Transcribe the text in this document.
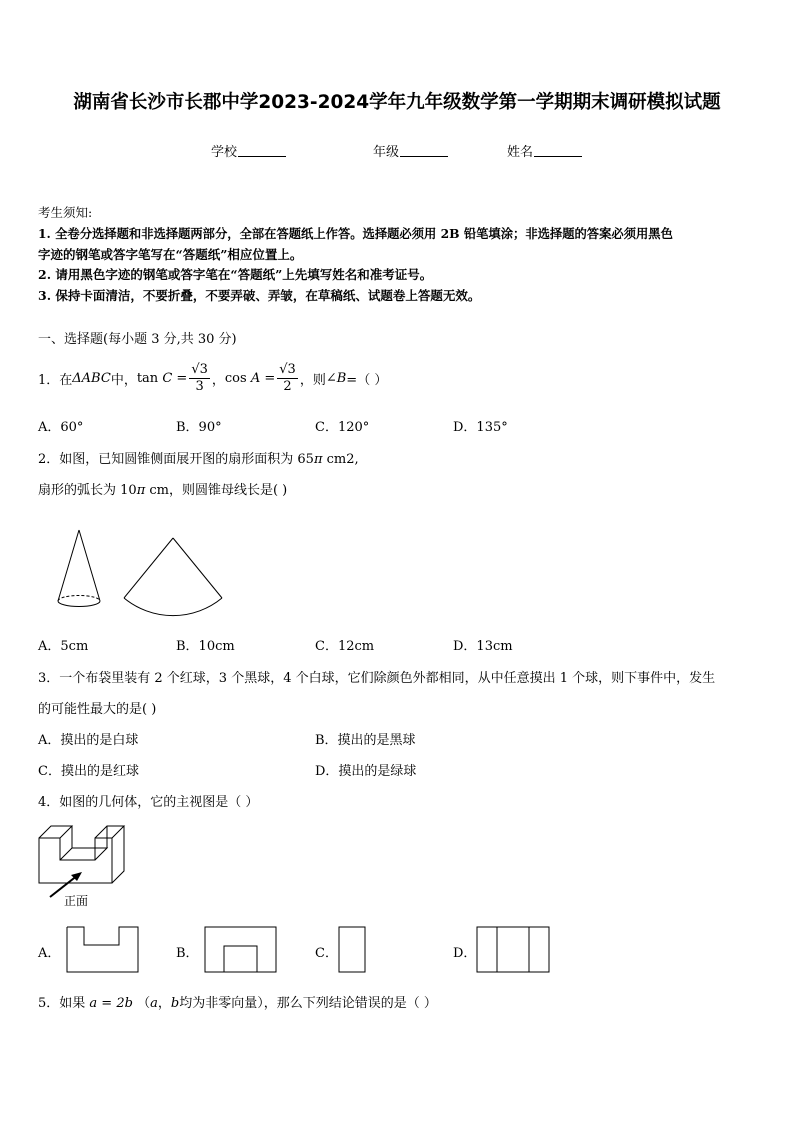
湖南省长沙市长郡中学2023-2024学年九年级数学第一学期期末调研模拟试题
学校	年级	姓名
考生须知:
1. 全卷分选择题和非选择题两部分，全部在答题纸上作答。选择题必须用 2B 铅笔填涂；非选择题的答案必须用黑色
字迹的钢笔或答字笔写在“答题纸”相应位置上。
2. 请用黑色字迹的钢笔或答字笔在“答题纸”上先填写姓名和准考证号。
3. 保持卡面清洁，不要折叠，不要弄破、弄皱，在草稿纸、试题卷上答题无效。
一、选择题(每小题 3 分,共 30 分)
1．在 ΔABC 中， tan
C
= $\frac{√3}{3}$ ， cos
A
= $\frac{√3}{2}$ ，则 ∠B =（ ）
A．60°	B．90°	C．120°	D．135°
2．如图，已知圆锥侧面展开图的扇形面积为 65π cm2,
扇形的弧长为 10π cm，则圆锥母线长是( )
A．5cm	B．10cm	C．12cm	D．13cm
3．一个布袋里装有 2 个红球，3 个黑球，4 个白球，它们除颜色外都相同，从中任意摸出 1 个球，则下事件中，发生
的可能性最大的是( )
A．摸出的是白球	B．摸出的是黑球
C．摸出的是红球	D．摸出的是绿球
4．如图的几何体，它的主视图是（ ）
正面
A．	B．	C．	D．
5．如果 a = 2b （a，b均为非零向量），那么下列结论错误的是（ ）
